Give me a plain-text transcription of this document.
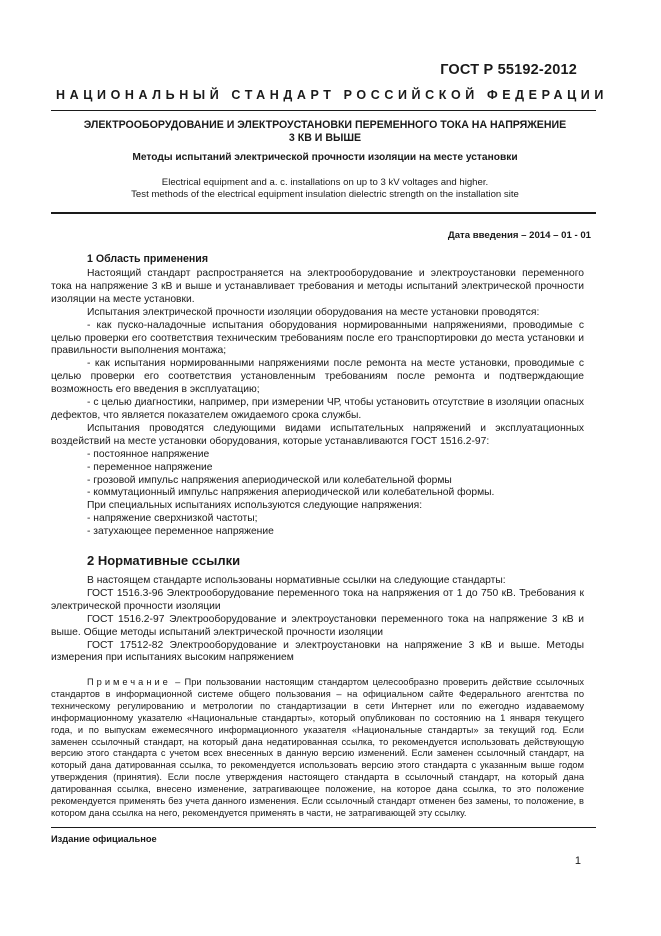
ГОСТ Р 55192-2012
НАЦИОНАЛЬНЫЙ СТАНДАРТ РОССИЙСКОЙ ФЕДЕРАЦИИ
ЭЛЕКТРООБОРУДОВАНИЕ И ЭЛЕКТРОУСТАНОВКИ ПЕРЕМЕННОГО ТОКА НА НАПРЯЖЕНИЕ
3 КВ И ВЫШЕ
Методы испытаний электрической прочности изоляции на месте установки
Electrical equipment and a. c. installations on up to 3 kV voltages and higher.
Test methods of the electrical equipment insulation dielectric strength on the installation site
Дата введения – 2014 – 01 - 01
1 Область применения

Настоящий стандарт распространяется на электрооборудование и электроустановки переменного тока на напряжение 3 кВ и выше и устанавливает требования и методы испытаний электрической прочности изоляции на месте установки.

Испытания электрической прочности изоляции оборудования на месте установки проводятся:

- как пуско-наладочные испытания оборудования нормированными напряжениями, проводимые с целью проверки его соответствия техническим требованиям после его транспортировки до места установки и правильности выполнения монтажа;

- как испытания нормированными напряжениями после ремонта на месте установки, проводимые с целью проверки его соответствия установленным требованиям после ремонта и подтверждающие возможность его введения в эксплуатацию;

- с целью диагностики, например, при измерении ЧР, чтобы установить отсутствие в изоляции опасных дефектов, что является показателем ожидаемого срока службы.

Испытания проводятся следующими видами испытательных напряжений и эксплуатационных воздействий на месте установки оборудования, которые устанавливаются ГОСТ 1516.2-97:

- постоянное напряжение

- переменное напряжение

- грозовой импульс напряжения апериодической или колебательной формы

- коммутационный импульс напряжения апериодической или колебательной формы.

При специальных испытаниях используются следующие напряжения:

- напряжение сверхнизкой частоты;

- затухающее переменное напряжение

2 Нормативные ссылки

В настоящем стандарте использованы нормативные ссылки на следующие стандарты:

ГОСТ 1516.3-96 Электрооборудование переменного тока на напряжения от 1 до 750 кВ. Требования к электрической прочности изоляции

ГОСТ 1516.2-97 Электрооборудование и электроустановки переменного тока на напряжение 3 кВ и выше. Общие методы испытаний электрической прочности изоляции

ГОСТ 17512-82 Электрооборудование и электроустановки на напряжение 3 кВ и выше. Методы измерения при испытаниях высоким напряжением

Примечание – При пользовании настоящим стандартом целесообразно проверить действие ссылочных стандартов в информационной системе общего пользования – на официальном сайте Федерального агентства по техническому регулированию и метрологии по стандартизации в сети Интернет или по ежегодно издаваемому информационному указателю «Национальные стандарты», который опубликован по состоянию на 1 января текущего года, и по выпускам ежемесячного информационного указателя «Национальные стандарты» за текущий год. Если заменен ссылочный стандарт, на который дана недатированная ссылка, то рекомендуется использовать действующую версию этого стандарта с учетом всех внесенных в данную версию изменений. Если заменен ссылочный стандарт, на который дана датированная ссылка, то рекомендуется использовать версию этого стандарта с указанным выше годом утверждения (принятия). Если после утверждения настоящего стандарта в ссылочный стандарт, на который дана датированная ссылка, внесено изменение, затрагивающее положение, на которое дана ссылка, то это положение рекомендуется применять без учета данного изменения. Если ссылочный стандарт отменен без замены, то положение, в котором дана ссылка на него, рекомендуется применять в части, не затрагивающей эту ссылку.
Издание официальное
1
